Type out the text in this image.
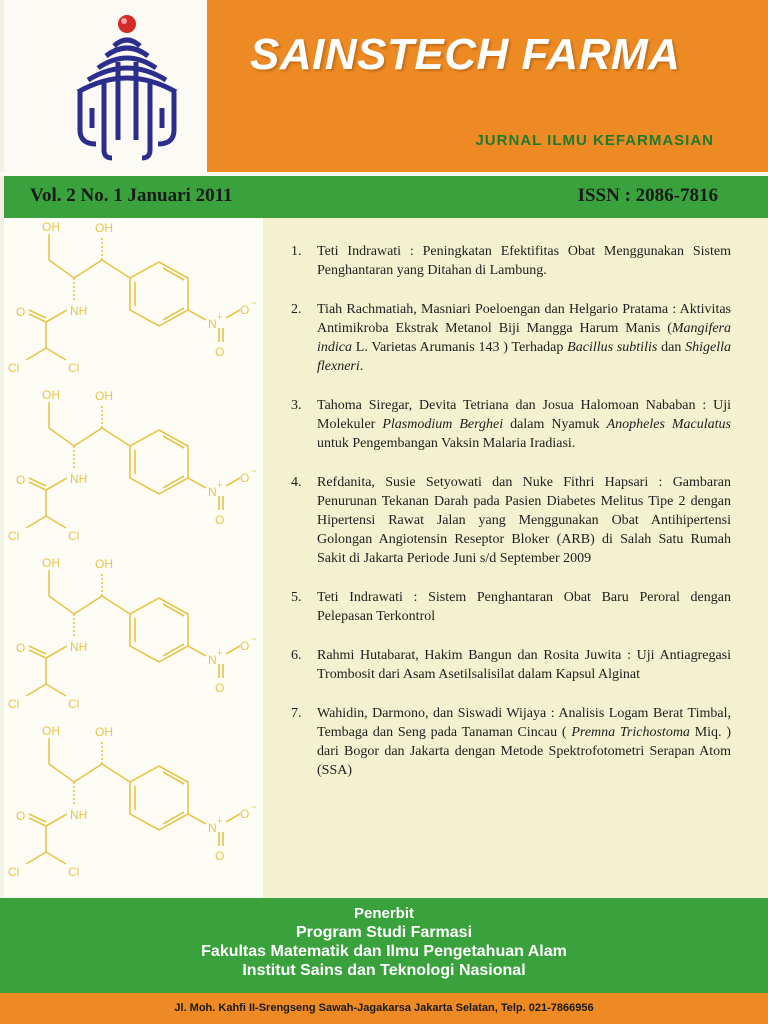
SAINSTECH FARMA
JURNAL ILMU KEFARMASIAN
Vol. 2 No. 1 Januari 2011	ISSN : 2086-7816
OH	OH
NH
O
N + O −
O
Cl	Cl
OH	OH
NH
O
N + O −
O
Cl	Cl
OH	OH
NH
O
N + O −
O
Cl	Cl
OH	OH
NH
O
N + O −
O
Cl	Cl
1. Teti Indrawati : Peningkatan Efektifitas Obat Menggunakan Sistem Penghantaran yang Ditahan di Lambung.
2. Tiah Rachmatiah, Masniari Poeloengan dan Helgario Pratama : Aktivitas Antimikroba Ekstrak Metanol Biji Mangga Harum Manis (Mangifera indica L. Varietas Arumanis 143 ) Terhadap Bacillus subtilis dan Shigella flexneri.
3. Tahoma Siregar, Devita Tetriana dan Josua Halomoan Nababan : Uji Molekuler Plasmodium Berghei dalam Nyamuk Anopheles Maculatus untuk Pengembangan Vaksin Malaria Iradiasi.
4. Refdanita, Susie Setyowati dan Nuke Fithri Hapsari : Gambaran Penurunan Tekanan Darah pada Pasien Diabetes Melitus Tipe 2 dengan Hipertensi Rawat Jalan yang Menggunakan Obat Antihipertensi Golongan Angiotensin Reseptor Bloker (ARB) di Salah Satu Rumah Sakit di Jakarta Periode Juni s/d September 2009
5. Teti Indrawati : Sistem Penghantaran Obat Baru Peroral dengan Pelepasan Terkontrol
6. Rahmi Hutabarat, Hakim Bangun dan Rosita Juwita : Uji Antiagregasi Trombosit dari Asam Asetilsalisilat dalam Kapsul Alginat
7. Wahidin, Darmono, dan Siswadi Wijaya : Analisis Logam Berat Timbal, Tembaga dan Seng pada Tanaman Cincau ( Premna Trichostoma Miq. ) dari Bogor dan Jakarta dengan Metode Spektrofotometri Serapan Atom (SSA)
Penerbit
Program Studi Farmasi
Fakultas Matematik dan Ilmu Pengetahuan Alam
Institut Sains dan Teknologi Nasional
Jl. Moh. Kahfi II-Srengseng Sawah-Jagakarsa Jakarta Selatan, Telp. 021-7866956
